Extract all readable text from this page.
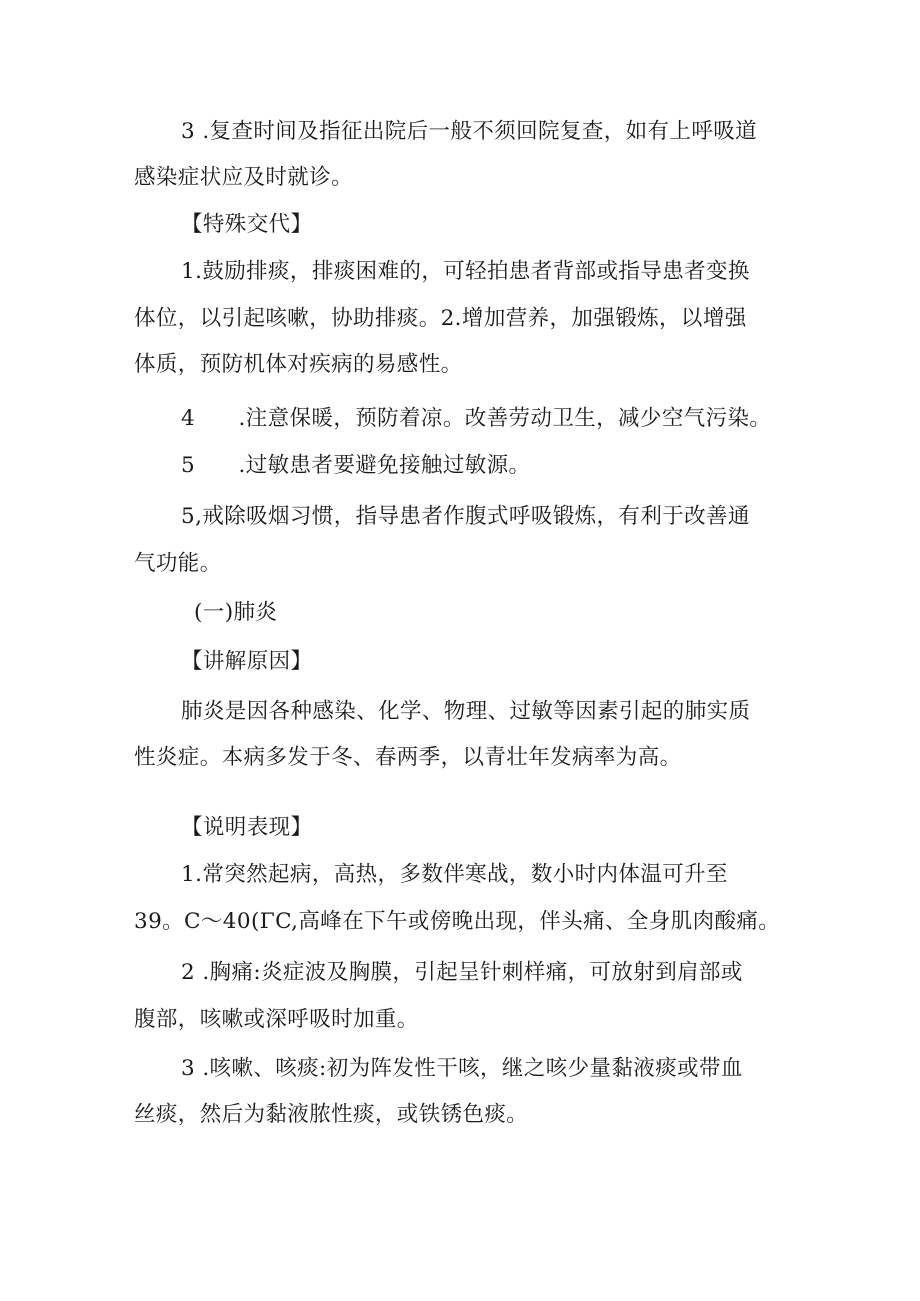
3 .复查时间及指征出院后一般不须回院复查，如有上呼吸道
感染症状应及时就诊。
【特殊交代】
1.鼓励排痰，排痰困难的，可轻拍患者背部或指导患者变换
体位，以引起咳嗽，协助排痰。2.增加营养，加强锻炼，以增强
体质，预防机体对疾病的易感性。
4      .注意保暖，预防着凉。改善劳动卫生，减少空气污染。
5      .过敏患者要避免接触过敏源。
5,戒除吸烟习惯，指导患者作腹式呼吸锻炼，有利于改善通
气功能。
(一)肺炎
【讲解原因】
肺炎是因各种感染、化学、物理、过敏等因素引起的肺实质
性炎症。本病多发于冬、春两季，以青壮年发病率为高。
【说明表现】
1.常突然起病，高热，多数伴寒战，数小时内体温可升至
39。C～40(ΓC,高峰在下午或傍晚出现，伴头痛、全身肌肉酸痛。
2 .胸痛:炎症波及胸膜，引起呈针刺样痛，可放射到肩部或
腹部，咳嗽或深呼吸时加重。
3 .咳嗽、咳痰:初为阵发性干咳，继之咳少量黏液痰或带血
丝痰，然后为黏液脓性痰，或铁锈色痰。
